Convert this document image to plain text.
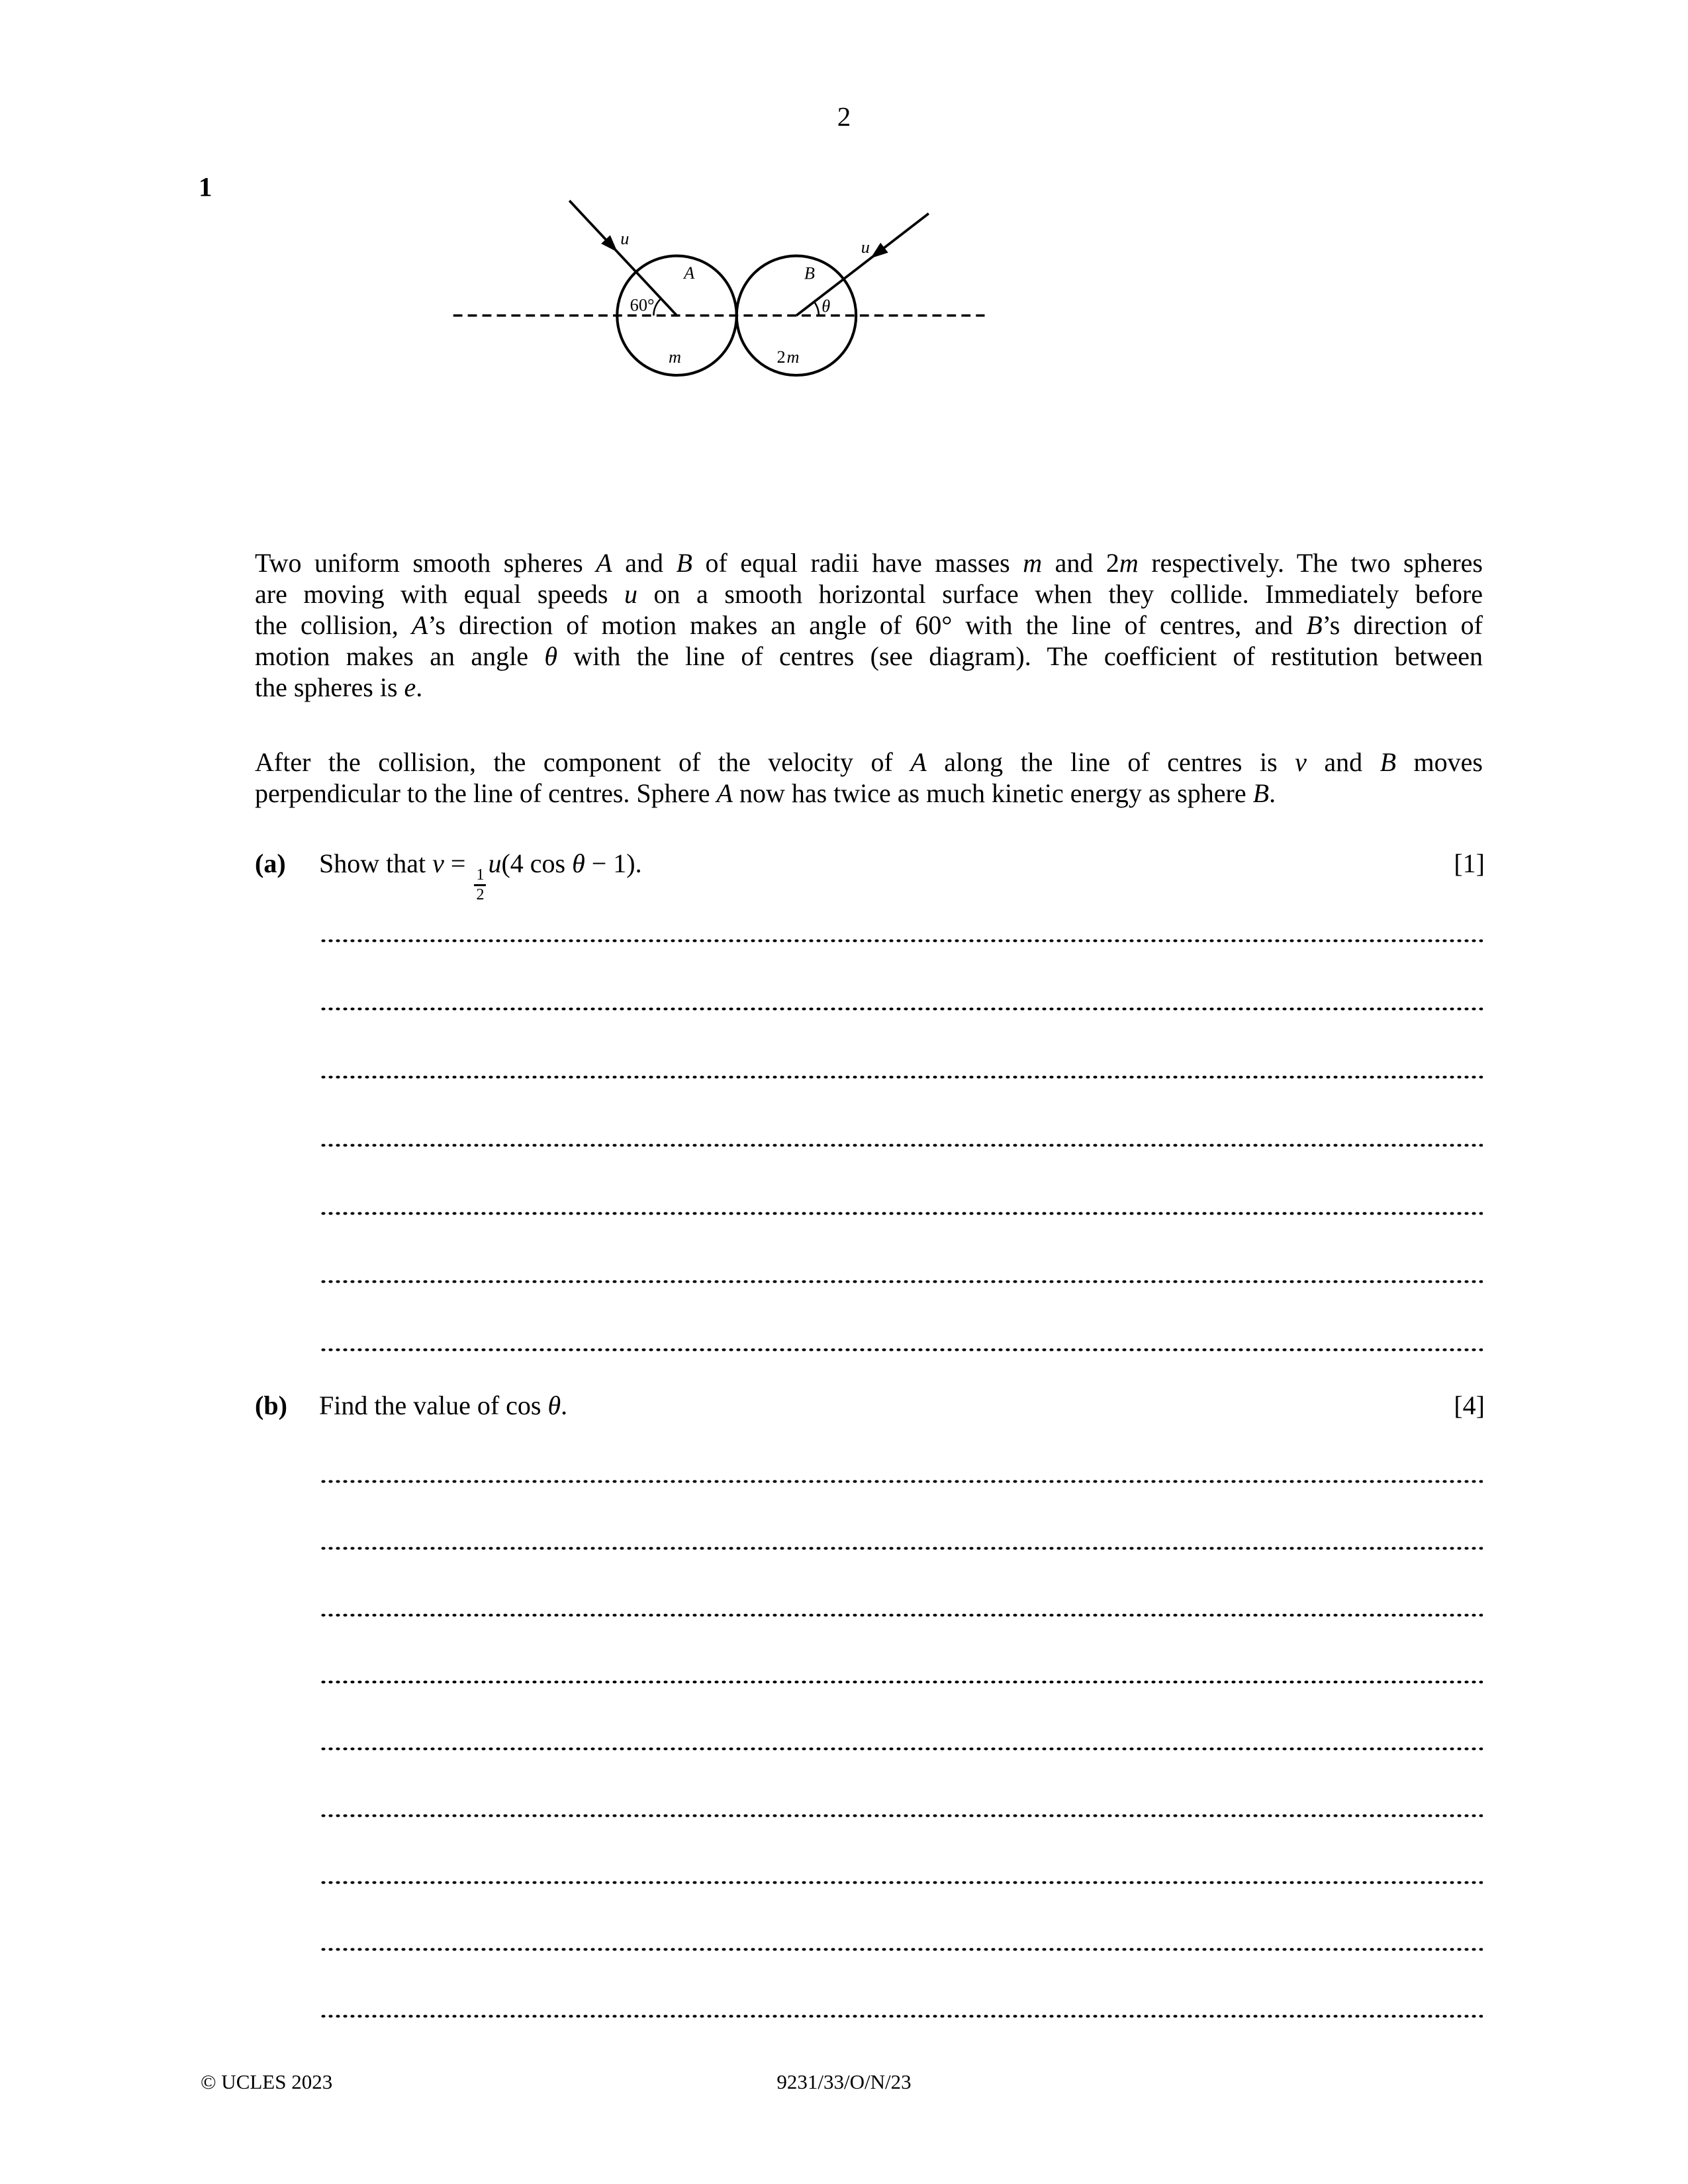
2
1
A	B
u	u
60°	θ
m	2 m
Two uniform smooth spheres A and B of equal radii have masses m and 2m respectively. The two spheres
are moving with equal speeds u on a smooth horizontal surface when they collide. Immediately before
the collision, A’s direction of motion makes an angle of 60° with the line of centres, and B’s direction of
motion makes an angle θ with the line of centres (see diagram). The coefficient of restitution between
the spheres is e.
After the collision, the component of the velocity of A along the line of centres is v and B moves
perpendicular to the line of centres. Sphere A now has twice as much kinetic energy as sphere B.
(a)	Show that v =
$\frac{1}{2}$
u(4 cos θ − 1).	[1]
(b)	Find the value of cos θ.	[4]
© UCLES 2023	9231/33/O/N/23
